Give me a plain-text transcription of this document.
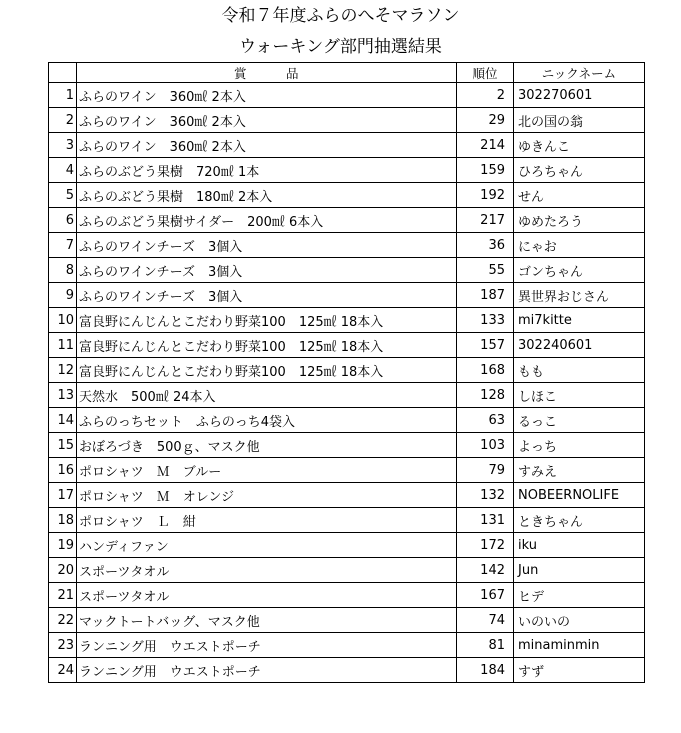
令和７年度ふらのへそマラソン
ウォーキング部門抽選結果
	賞　　　品	順位	ニックネーム
1	ふらのワイン　360㎖ 2本入	2	302270601
2	ふらのワイン　360㎖ 2本入	29	北の国の翁
3	ふらのワイン　360㎖ 2本入	214	ゆきんこ
4	ふらのぶどう果樹　720㎖ 1本	159	ひろちゃん
5	ふらのぶどう果樹　180㎖ 2本入	192	せん
6	ふらのぶどう果樹サイダー　200㎖ 6本入	217	ゆめたろう
7	ふらのワインチーズ　3個入	36	にゃお
8	ふらのワインチーズ　3個入	55	ゴンちゃん
9	ふらのワインチーズ　3個入	187	異世界おじさん
10	富良野にんじんとこだわり野菜100　125㎖ 18本入	133	mi7kitte
11	富良野にんじんとこだわり野菜100　125㎖ 18本入	157	302240601
12	富良野にんじんとこだわり野菜100　125㎖ 18本入	168	もも
13	天然水　500㎖ 24本入	128	しほこ
14	ふらのっちセット　ふらのっち4袋入	63	るっこ
15	おぼろづき　500ｇ、マスク他	103	よっち
16	ポロシャツ　Ｍ　ブルー	79	すみえ
17	ポロシャツ　Ｍ　オレンジ	132	NOBEERNOLIFE
18	ポロシャツ　Ｌ　紺	131	ときちゃん
19	ハンディファン	172	iku
20	スポーツタオル	142	Jun
21	スポーツタオル	167	ヒデ
22	マックトートバッグ、マスク他	74	いのいの
23	ランニング用　ウエストポーチ	81	minaminmin
24	ランニング用　ウエストポーチ	184	すず
